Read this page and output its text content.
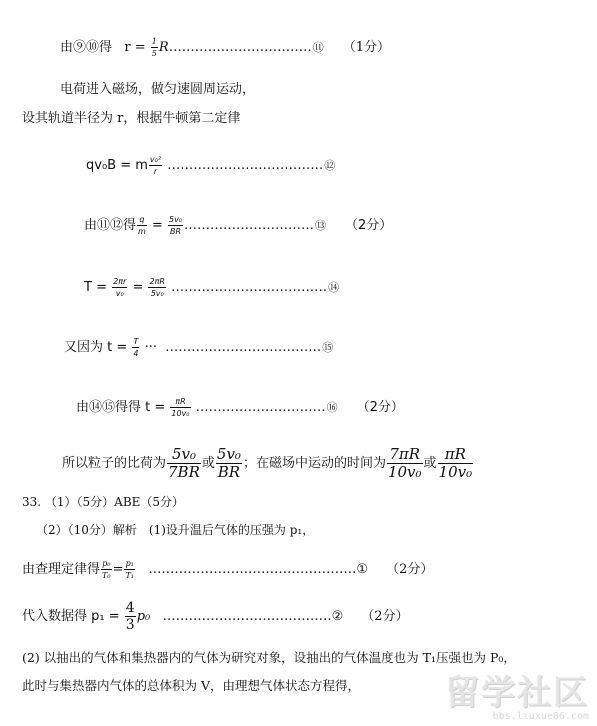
由⑨⑩得 $r = \frac{1}{5}$ R……………………………⑪ （1分）
电荷进入磁场，做匀速圆周运动，
设其轨道半径为 r，根据牛顿第二定律
qv₀B = m $\frac{\text{v₀²}}{r}$ ………………………………⑫
由⑪⑫得 $\frac{q}{m} = \frac{\text{5v₀}}{BR}$ …………………………⑬ （2分）
$T = \frac{2\pi r}{\text{v₀}} = \frac{2\pi R}{\text{5v₀}}$ ………………………………⑭
又因为 $t = \frac{T}{4}$ ··· ………………………………⑮
由⑭⑮得得 $t = \frac{\pi R}{\text{10v₀}}$ …………………………⑯ （2分）
所以粒子的比荷为 $\frac{\text{5v₀}}{7BR}$ 或 $\frac{\text{5v₀}}{BR}$ ；在磁场中运动的时间为 $\frac{7\pi R}{\text{10v₀}}$ 或 $\frac{\pi R}{\text{10v₀}}$
33. （1）（5分）ABE（5分）
（2）（10分）解析　(1)设升温后气体的压强为 p₁，
由查理定律得 $\frac{\text{p₀}}{\text{T₀}} = \frac{\text{p₁}}{\text{T₁}}$ …………………………………………① （2分）
代入数据得 $p_1 = \frac{4}{3} p_0$ …………………………………② （2分）
(2) 以抽出的气体和集热器内的气体为研究对象，设抽出的气体温度也为 T₁压强也为 P₀，
此时与集热器内气体的总体积为 V，由理想气体状态方程得， 留学社区
bbs.liuxue86.com
